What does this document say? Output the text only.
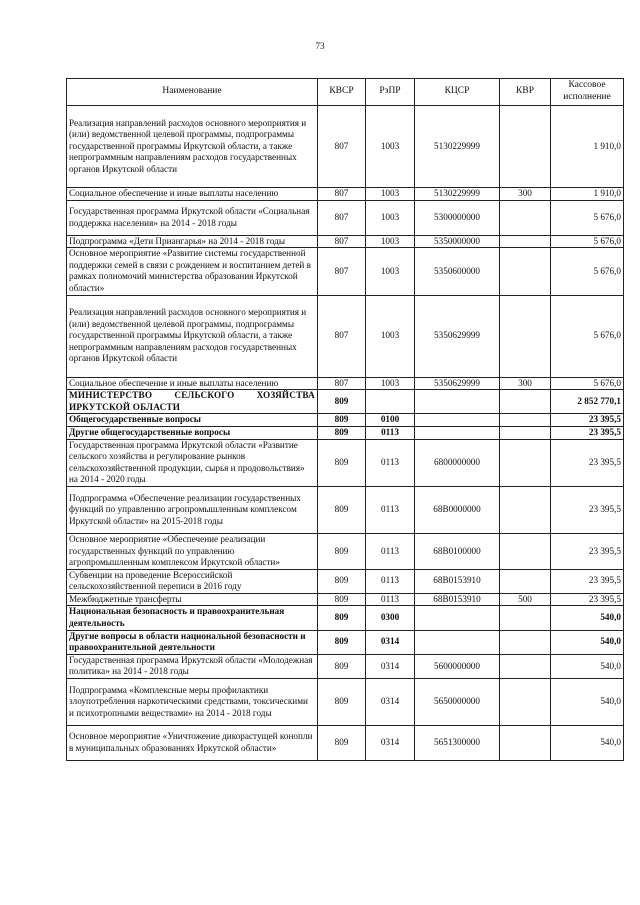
73
Наименование	КВСР	РзПР	КЦСР	КВР	Кассовое исполнение
Реализация направлений расходов основного мероприятия и (или) ведомственной целевой программы, подпрограммы государственной программы Иркутской области, а также непрограммным направлениям расходов государственных органов Иркутской области	807	1003	5130229999		1 910,0
Социальное обеспечение и иные выплаты населению	807	1003	5130229999	300	1 910,0
Государственная программа Иркутской области «Социальная поддержка населения» на 2014 - 2018 годы	807	1003	5300000000		5 676,0
Подпрограмма «Дети Приангарья» на 2014 - 2018 годы	807	1003	5350000000		5 676,0
Основное мероприятие «Развитие системы государственной поддержки семей в связи с рождением и воспитанием детей в рамках полномочий министерства образования Иркутской области»	807	1003	5350600000		5 676,0
Реализация направлений расходов основного мероприятия и (или) ведомственной целевой программы, подпрограммы государственной программы Иркутской области, а также непрограммным направлениям расходов государственных органов Иркутской области	807	1003	5350629999		5 676,0
Социальное обеспечение и иные выплаты населению	807	1003	5350629999	300	5 676,0
МИНИСТЕРСТВО СЕЛЬСКОГО ХОЗЯЙСТВА ИРКУТСКОЙ ОБЛАСТИ	809				2 852 770,1
Общегосударственные вопросы	809	0100			23 395,5
Другие общегосударственные вопросы	809	0113			23 395,5
Государственная программа Иркутской области «Развитие сельского хозяйства и регулирование рынков сельскохозяйственной продукции, сырья и продовольствия» на 2014 - 2020 годы	809	0113	6800000000		23 395,5
Подпрограмма «Обеспечение реализации государственных функций по управлению агропромышленным комплексом Иркутской области» на 2015-2018 годы	809	0113	68В0000000		23 395,5
Основное мероприятие «Обеспечение реализации государственных функций по управлению агропромышленным комплексом Иркутской области»	809	0113	68В0100000		23 395,5
Субвенции на проведение Всероссийской сельскохозяйственной переписи в 2016 году	809	0113	68В0153910		23 395,5
Межбюджетные трансферты	809	0113	68В0153910	500	23 395,5
Национальная безопасность и правоохранительная деятельность	809	0300			540,0
Другие вопросы в области национальной безопасности и правоохранительной деятельности	809	0314			540,0
Государственная программа Иркутской области «Молодежная политика» на 2014 - 2018 годы	809	0314	5600000000		540,0
Подпрограмма «Комплексные меры профилактики злоупотребления наркотическими средствами, токсическими и психотропными веществами» на 2014 - 2018 годы	809	0314	5650000000		540,0
Основное мероприятие «Уничтожение дикорастущей конопли в муниципальных образованиях Иркутской области»	809	0314	5651300000		540,0
